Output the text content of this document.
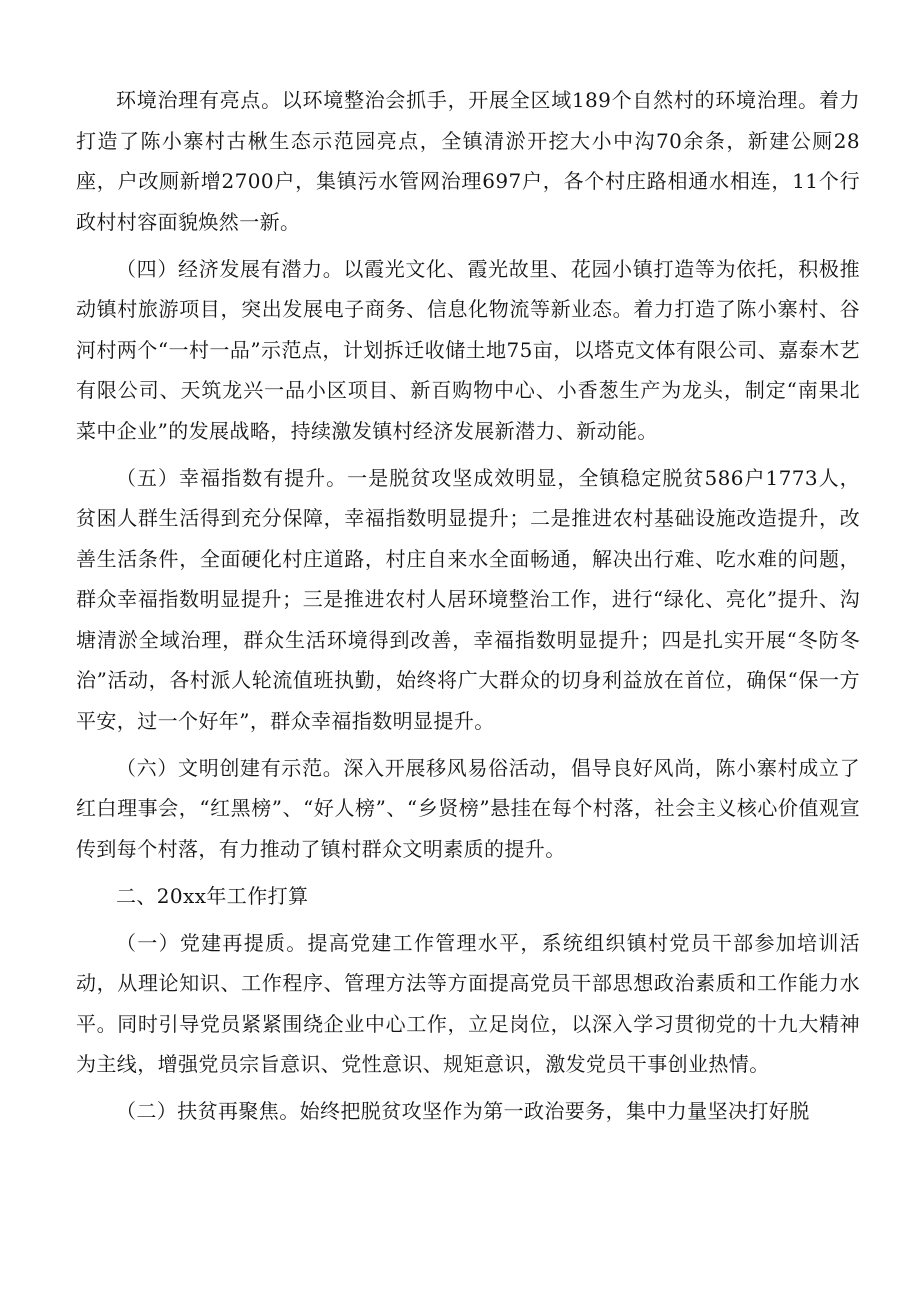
环境治理有亮点。以环境整治会抓手，开展全区域189个自然村的环境治理。着力打造了陈小寨村古楸生态示范园亮点，全镇清淤开挖大小中沟70余条，新建公厕28座，户改厕新增2700户，集镇污水管网治理697户，各个村庄路相通水相连，11个行政村村容面貌焕然一新。

（四）经济发展有潜力。以霞光文化、霞光故里、花园小镇打造等为依托，积极推动镇村旅游项目，突出发展电子商务、信息化物流等新业态。着力打造了陈小寨村、谷河村两个“一村一品”示范点，计划拆迁收储土地75亩，以塔克文体有限公司、嘉泰木艺有限公司、天筑龙兴一品小区项目、新百购物中心、小香葱生产为龙头，制定“南果北菜中企业”的发展战略，持续激发镇村经济发展新潜力、新动能。

（五）幸福指数有提升。一是脱贫攻坚成效明显，全镇稳定脱贫586户1773人，贫困人群生活得到充分保障，幸福指数明显提升；二是推进农村基础设施改造提升，改善生活条件，全面硬化村庄道路，村庄自来水全面畅通，解决出行难、吃水难的问题，群众幸福指数明显提升；三是推进农村人居环境整治工作，进行“绿化、亮化”提升、沟塘清淤全域治理，群众生活环境得到改善，幸福指数明显提升；四是扎实开展“冬防冬治”活动，各村派人轮流值班执勤，始终将广大群众的切身利益放在首位，确保“保一方平安，过一个好年”，群众幸福指数明显提升。

（六）文明创建有示范。深入开展移风易俗活动，倡导良好风尚，陈小寨村成立了红白理事会，“红黑榜”、“好人榜”、“乡贤榜”悬挂在每个村落，社会主义核心价值观宣传到每个村落，有力推动了镇村群众文明素质的提升。

二、20xx年工作打算

（一）党建再提质。提高党建工作管理水平，系统组织镇村党员干部参加培训活动，从理论知识、工作程序、管理方法等方面提高党员干部思想政治素质和工作能力水平。同时引导党员紧紧围绕企业中心工作，立足岗位，以深入学习贯彻党的十九大精神为主线，增强党员宗旨意识、党性意识、规矩意识，激发党员干事创业热情。

（二）扶贫再聚焦。始终把脱贫攻坚作为第一政治要务，集中力量坚决打好脱
